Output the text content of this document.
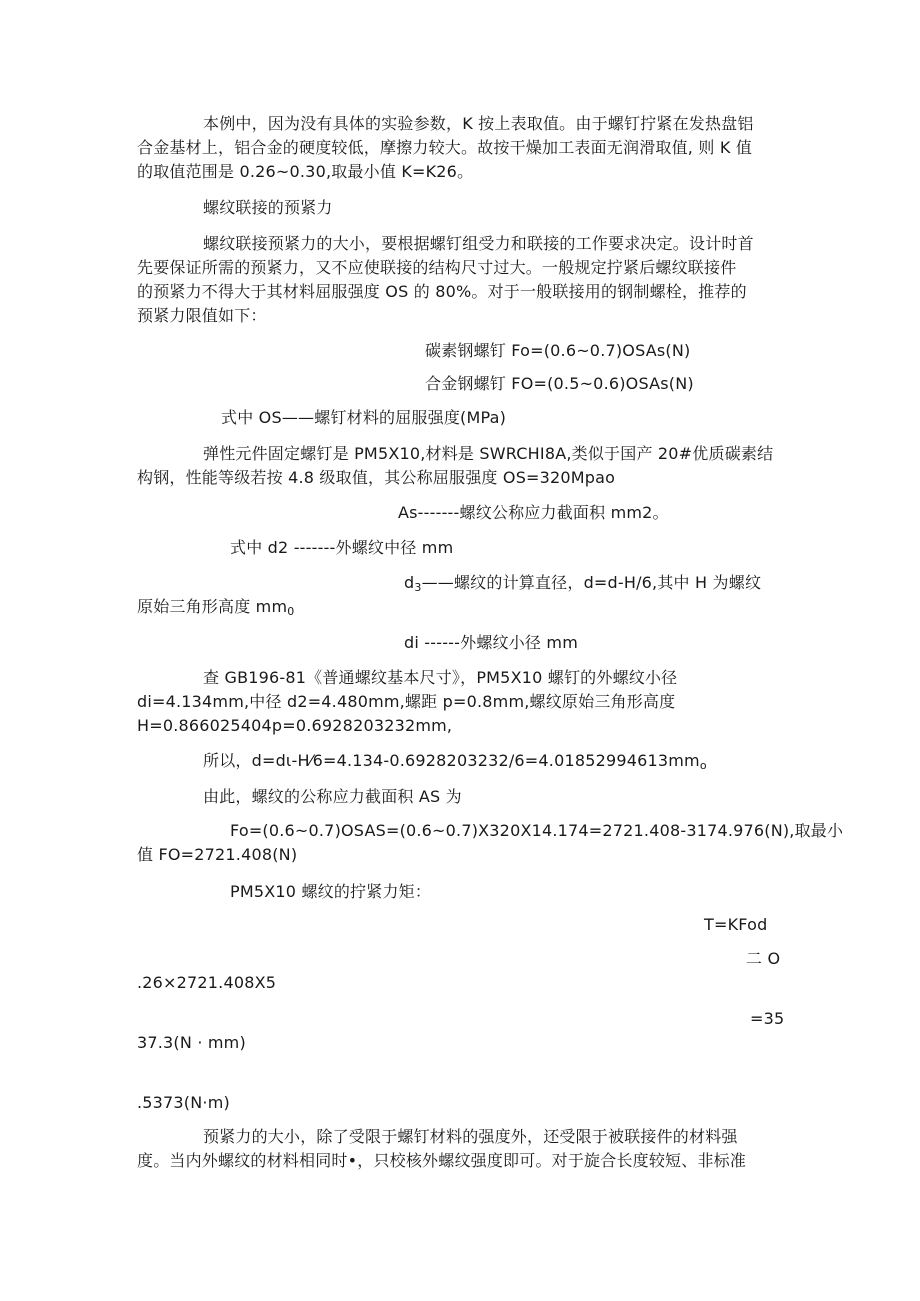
本例中，因为没有具体的实验参数，K 按上表取值。由于螺钉拧紧在发热盘铝
合金基材上，铝合金的硬度较低，摩擦力较大。故按干燥加工表面无润滑取值, 则 K 值
的取值范围是 0.26~0.30,取最小值 K=K26。
螺纹联接的预紧力
螺纹联接预紧力的大小，要根据螺钉组受力和联接的工作要求决定。设计时首
先要保证所需的预紧力，又不应使联接的结构尺寸过大。一般规定拧紧后螺纹联接件
的预紧力不得大于其材料屈服强度 OS 的 80%。对于一般联接用的钢制螺栓，推荐的
预紧力限值如下：
碳素钢螺钉 Fo=(0.6~0.7)OSAs(N)
合金钢螺钉 FO=(0.5~0.6)OSAs(N)
式中 OS——螺钉材料的屈服强度(MPa)
弹性元件固定螺钉是 PM5X10,材料是 SWRCHI8A,类似于国产 20#优质碳素结
构钢，性能等级若按 4.8 级取值，其公称屈服强度 OS=320Mpao
As-------螺纹公称应力截面积 mm2。
式中 d2 -------外螺纹中径 mm
$d_3——$螺纹的计算直径，d=d-H/6,其中 H 为螺纹
原始三角形高度 $mm_0$
di ------外螺纹小径 mm
查 GB196-81《普通螺纹基本尺寸》，PM5X10 螺钉的外螺纹小径
di=4.134mm,中径 d2=4.480mm,螺距 p=0.8mm,螺纹原始三角形高度
H=0.866025404p=0.6928203232mm,
所以，$d=d\iota-H⁄6=4.134-0.6928203232/6=4.01852994613mm_o$
由此，螺纹的公称应力截面积 AS 为
Fo=(0.6~0.7)OSAS=(0.6~0.7)X320X14.174=2721.408-3174.976(N),取最小
值 FO=2721.408(N)
PM5X10 螺纹的拧紧力矩：
T=KFod
二 O
.26×2721.408X5
=35
37.3(N · mm)
.5373(N·m)
预紧力的大小，除了受限于螺钉材料的强度外，还受限于被联接件的材料强
度。当内外螺纹的材料相同时•，只校核外螺纹强度即可。对于旋合长度较短、非标准
